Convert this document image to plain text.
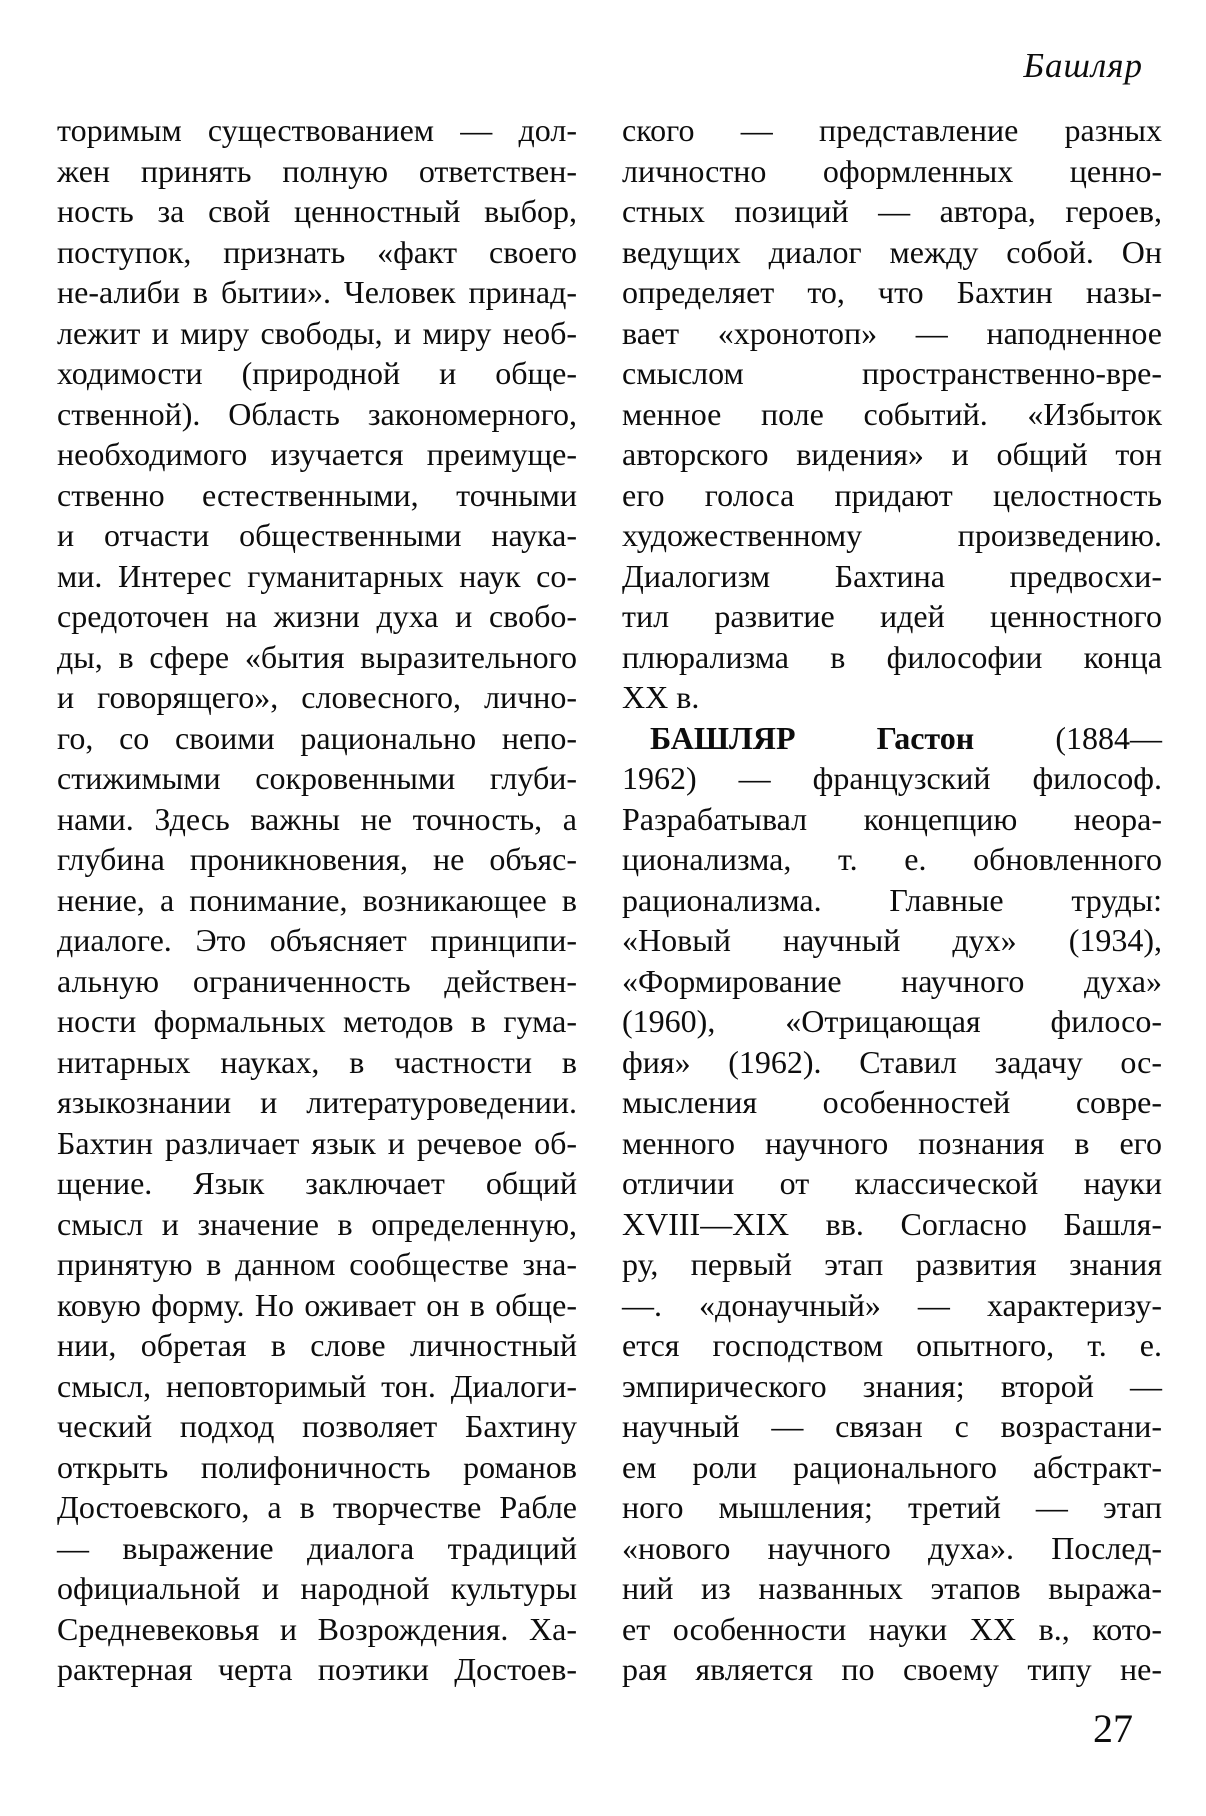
Башляр
торимым существованием — дол-
жен принять полную ответствен-
ность за свой ценностный выбор,
поступок, признать «факт своего
не-алиби в бытии». Человек принад-
лежит и миру свободы, и миру необ-
ходимости (природной и обще-
ственной). Область закономерного,
необходимого изучается преимуще-
ственно естественными, точными
и отчасти общественными наука-
ми. Интерес гуманитарных наук со-
средоточен на жизни духа и свобо-
ды, в сфере «бытия выразительного
и говорящего», словесного, лично-
го, со своими рационально непо-
стижимыми сокровенными глуби-
нами. Здесь важны не точность, а
глубина проникновения, не объяс-
нение, а понимание, возникающее в
диалоге. Это объясняет принципи-
альную ограниченность действен-
ности формальных методов в гума-
нитарных науках, в частности в
языкознании и литературоведении.
Бахтин различает язык и речевое об-
щение. Язык заключает общий
смысл и значение в определенную,
принятую в данном сообществе зна-
ковую форму. Но оживает он в обще-
нии, обретая в слове личностный
смысл, неповторимый тон. Диалоги-
ческий подход позволяет Бахтину
открыть полифоничность романов
Достоевского, а в творчестве Рабле
— выражение диалога традиций
официальной и народной культуры
Средневековья и Возрождения. Ха-
рактерная черта поэтики Достоев-
ского — представление разных
личностно оформленных ценно-
стных позиций — автора, героев,
ведущих диалог между собой. Он
определяет то, что Бахтин назы-
вает «хронотоп» — наподненное
смыслом пространственно-вре-
менное поле событий. «Избыток
авторского видения» и общий тон
его голоса придают целостность
художественному произведению.
Диалогизм Бахтина предвосхи-
тил развитие идей ценностного
плюрализма в философии конца
XX в.
БАШЛЯР Гастон (1884—
1962) — французский философ.
Разрабатывал концепцию неора-
ционализма, т. е. обновленного
рационализма. Главные труды:
«Новый научный дух» (1934),
«Формирование научного духа»
(1960), «Отрицающая филосо-
фия» (1962). Ставил задачу ос-
мысления особенностей совре-
менного научного познания в его
отличии от классической науки
XVIII—XIX вв. Согласно Башля-
ру, первый этап развития знания
—. «донаучный» — характеризу-
ется господством опытного, т. е.
эмпирического знания; второй —
научный — связан с возрастани-
ем роли рационального абстракт-
ного мышления; третий — этап
«нового научного духа». Послед-
ний из названных этапов выража-
ет особенности науки XX в., кото-
рая является по своему типу не-
27
